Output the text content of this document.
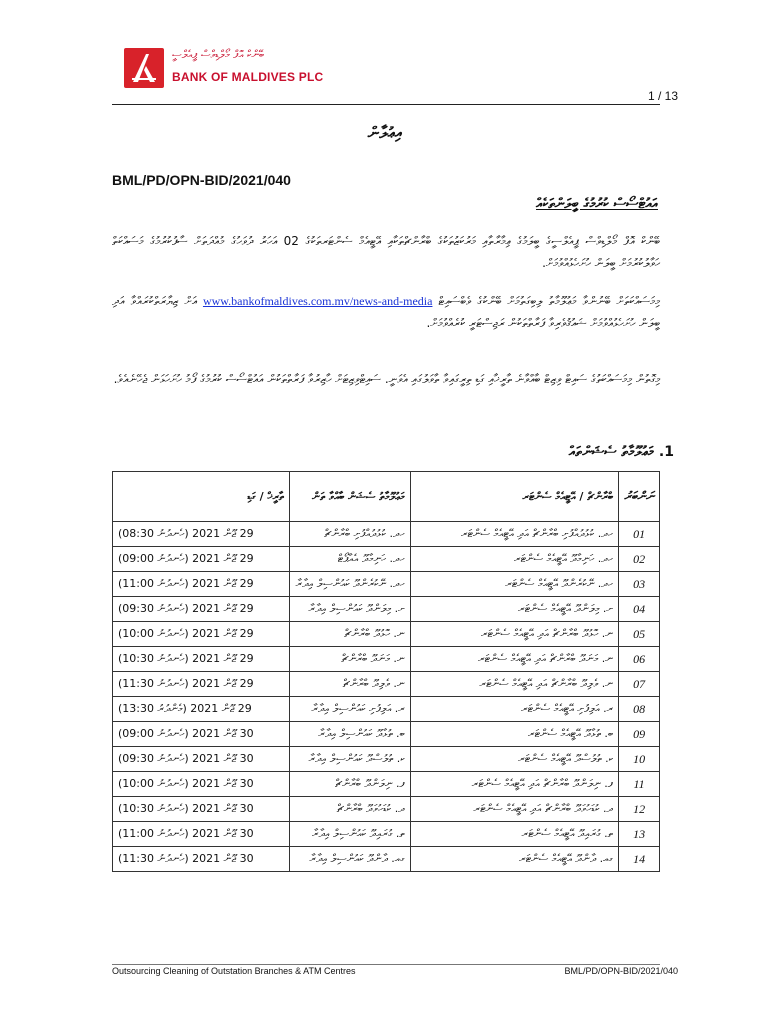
ބޭންކް އޮފް މޯލްޑިވްސް ޕީއެލްސީ
BANK OF MALDIVES PLC
1 / 13
އިޢުލާން
BML/PD/OPN-BID/2021/040
އައުޓްސޯސް ކުރުމުގެ ބީލަންތަކެއް

ބޭންކް އޮފް މޯލްޑިވްސް ޕީއެލްސީގެ ބީލަމުގެ ޢިމާރާތާއި މަރުކަޒުތަކުގެ ބްރާންޗްތަކާއި އޭޓީއެމް ސެންޓަރތަކުގެ 02 އަހަރު ދުވަހުގެ މުއްދަތަށް ސާފުކުރުމުގެ މަސައްކަތް ހަވާލުކުރުމަށް ބީލަން ހުށަހެޅުއްވުމަށް.

މިމަސައްކަތަށް ބޭނުންވާ މަޢުލޫމާތު ލިބިގަތުމަށް ބޭންކުގެ ވެބްސައިޓް www.bankofmaldives.com.mv/news-and-media އަށް ޒިޔާރަތްކުރައްވާ އަދި ބީލަން ހުށަހެޅުއްވުމަށް ޝައުޤުވެރިވާ ފަރާތްތަކުން ރަޖިސްޓަރީ ކުރެއްވުމަށް.

މިގޮތުން މިމަސައްކަތުގެ ސައިޓް ވިޒިޓް ބާއްވާނެ ތާރީޚާއި ގަޑި ތިރީގައިވާ ތާވަލުގައި އެވަނީ. ސައިޓްވިޒިޓަށް ހާޒިރުވާ ފަރާތްތަކުން އައުޓްސޯސް ކުރުމުގެ ފޯމު ހުށަހަޅަން ޖެހޭނެއެވެ.

1. މަޢުލޫމާތު ސެޝަންތައް
ނަންބަރު	ބްރާންޗް / އޭޓީއެމް ސެންޓަރ	މަޢުލޫމާތު ސެޝަން ބާއްވާ ތަން	ތާރީޚް / ގަޑި
01	ހދ. ކުޅުދުއްފުށި ބްރާންޗް އަދި އޭޓީއެމް ސެންޓަރ	ހދ. ކުޅުދުއްފުށި ބްރާންޗް	29 ޖޫން 2021 (ހެނދުނު 08:30)
02	ހދ. ހަނިމާދޫ އޭޓީއެމް ސެންޓަރ	ހދ. ހަނިމާދޫ އެއާޕޯޓް	29 ޖޫން 2021 (ހެނދުނު 09:00)
03	ހދ. ނޭކުރެންދޫ އޭޓީއެމް ސެންޓަރ	ހދ. ނޭކުރެންދޫ ކައުންސިލް އިދާރާ	29 ޖޫން 2021 (ހެނދުނު 11:00)
04	ށ. މިލަންދޫ އޭޓީއެމް ސެންޓަރ	ށ. މިލަންދޫ ކައުންސިލް އިދާރާ	29 ޖޫން 2021 (ހެނދުނު 09:30)
05	ނ. ހޮޅުދޫ ބްރާންޗް އަދި އޭޓީއެމް ސެންޓަރ	ނ. ހޮޅުދޫ ބްރާންޗް	29 ޖޫން 2021 (ހެނދުނު 10:00)
06	ނ. މަނަދޫ ބްރާންޗް އަދި އޭޓީއެމް ސެންޓަރ	ނ. މަނަދޫ ބްރާންޗް	29 ޖޫން 2021 (ހެނދުނު 10:30)
07	ނ. ވެލިދޫ ބްރާންޗް އަދި އޭޓީއެމް ސެންޓަރ	ނ. ވެލިދޫ ބްރާންޗް	29 ޖޫން 2021 (ހެނދުނު 11:30)
08	ރ. އަލިފުށި އޭޓީއެމް ސެންޓަރ	ރ. އަލިފުށި ކައުންސިލް އިދާރާ	29 ޖޫން 2021 (މެންދުރު 13:30)
09	ބ. ތުޅާދޫ އޭޓީއެމް ސެންޓަރ	ބ. ތުޅާދޫ ކައުންސިލް އިދާރާ	30 ޖޫން 2021 (ހެނދުނު 09:00)
10	ކ. ތުލުސްދޫ އޭޓީއެމް ސެންޓަރ	ކ. ތުލުސްދޫ ކައުންސިލް އިދާރާ	30 ޖޫން 2021 (ހެނދުނު 09:30)
11	ފ. ނިލަންދޫ ބްރާންޗް އަދި އޭޓީއެމް ސެންޓަރ	ފ. ނިލަންދޫ ބްރާންޗް	30 ޖޫން 2021 (ހެނދުނު 10:00)
12	ދ. ކުޑަހުވަދޫ ބްރާންޗް އަދި އޭޓީއެމް ސެންޓަރ	ދ. ކުޑަހުވަދޫ ބްރާންޗް	30 ޖޫން 2021 (ހެނދުނު 10:30)
13	ތ. ގުރައިދޫ އޭޓީއެމް ސެންޓަރ	ތ. ގުރައިދޫ ކައުންސިލް އިދާރާ	30 ޖޫން 2021 (ހެނދުނު 11:00)
14	ގއ. ދާންދޫ އޭޓީއެމް ސެންޓަރ	ގއ. ދާންދޫ ކައުންސިލް އިދާރާ	30 ޖޫން 2021 (ހެނދުނު 11:30)
Outsourcing Cleaning of Outstation Branches & ATM Centres	BML/PD/OPN-BID/2021/040
